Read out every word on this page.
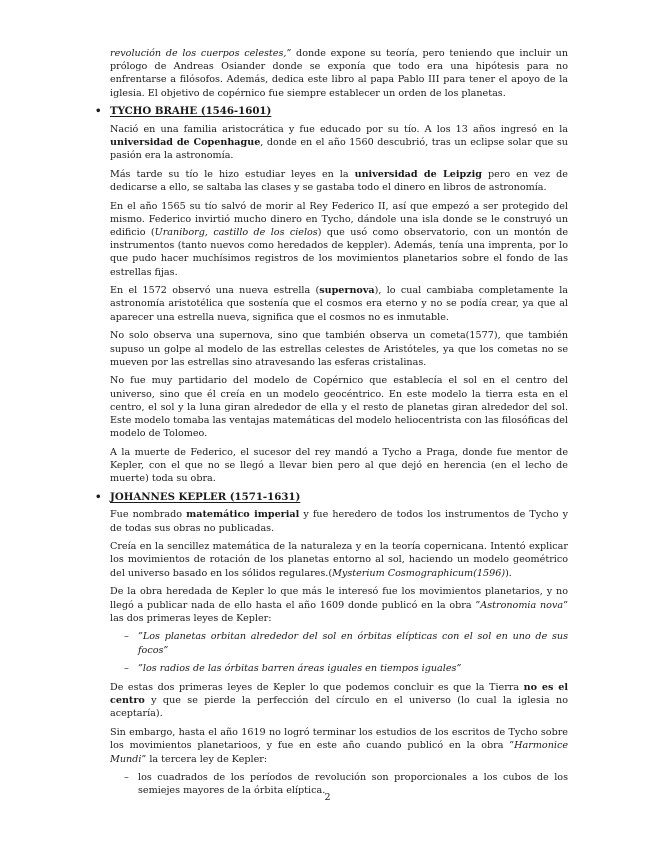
revolución de los cuerpos celestes,” donde expone su teoría, pero teniendo que incluir un prólogo de Andreas Osiander donde se exponía que todo era una hipótesis para no enfrentarse a filósofos. Además, dedica este libro al papa Pablo III para tener el apoyo de la iglesia. El objetivo de copérnico fue siempre establecer un orden de los planetas.

• TYCHO BRAHE (1546-1601)

Nació en una familia aristocrática y fue educado por su tío. A los 13 años ingresó en la universidad de Copenhague, donde en el año 1560 descubrió, tras un eclipse solar que su pasión era la astronomía.

Más tarde su tío le hizo estudiar leyes en la universidad de Leipzig pero en vez de dedicarse a ello, se saltaba las clases y se gastaba todo el dinero en libros de astronomía.

En el año 1565 su tío salvó de morir al Rey Federico II, así que empezó a ser protegido del mismo. Federico invirtió mucho dinero en Tycho, dándole una isla donde se le construyó un edificio (Uraniborg, castillo de los cielos) que usó como observatorio, con un montón de instrumentos (tanto nuevos como heredados de keppler). Además, tenía una imprenta, por lo que pudo hacer muchísimos registros de los movimientos planetarios sobre el fondo de las estrellas fijas.

En el 1572 observó una nueva estrella (supernova), lo cual cambiaba completamente la astronomía aristotélica que sostenía que el cosmos era eterno y no se podía crear, ya que al aparecer una estrella nueva, significa que el cosmos no es inmutable.

No solo observa una supernova, sino que también observa un cometa(1577), que también supuso un golpe al modelo de las estrellas celestes de Aristóteles, ya que los cometas no se mueven por las estrellas sino atravesando las esferas cristalinas.

No fue muy partidario del modelo de Copérnico que establecía el sol en el centro del universo, sino que él creía en un modelo geocéntrico. En este modelo la tierra esta en el centro, el sol y la luna giran alrededor de ella y el resto de planetas giran alrededor del sol. Este modelo tomaba las ventajas matemáticas del modelo heliocentrista con las filosóficas del modelo de Tolomeo.

A la muerte de Federico, el sucesor del rey mandó a Tycho a Praga, donde fue mentor de Kepler, con el que no se llegó a llevar bien pero al que dejó en herencia (en el lecho de muerte) toda su obra.

• JOHANNES KEPLER (1571-1631)

Fue nombrado matemático imperial y fue heredero de todos los instrumentos de Tycho y de todas sus obras no publicadas.

Creía en la sencillez matemática de la naturaleza y en la teoría copernicana. Intentó explicar los movimientos de rotación de los planetas entorno al sol, haciendo un modelo geométrico del universo basado en los sólidos regulares.(Mysterium Cosmographicum(1596)).

De la obra heredada de Kepler lo que más le interesó fue los movimientos planetarios, y no llegó a publicar nada de ello hasta el año 1609 donde publicó en la obra ”Astronomia nova” las dos primeras leyes de Kepler:

– ”Los planetas orbitan alrededor del sol en órbitas elípticas con el sol en uno de sus focos”
– ”los radios de las órbitas barren áreas iguales en tiempos iguales”

De estas dos primeras leyes de Kepler lo que podemos concluir es que la Tierra no es el centro y que se pierde la perfección del círculo en el universo (lo cual la iglesia no aceptaría).

Sin embargo, hasta el año 1619 no logró terminar los estudios de los escritos de Tycho sobre los movimientos planetarioos, y fue en este año cuando publicó en la obra ”Harmonice Mundi” la tercera ley de Kepler:

– los cuadrados de los períodos de revolución son proporcionales a los cubos de los semiejes mayores de la órbita elíptica.
2
